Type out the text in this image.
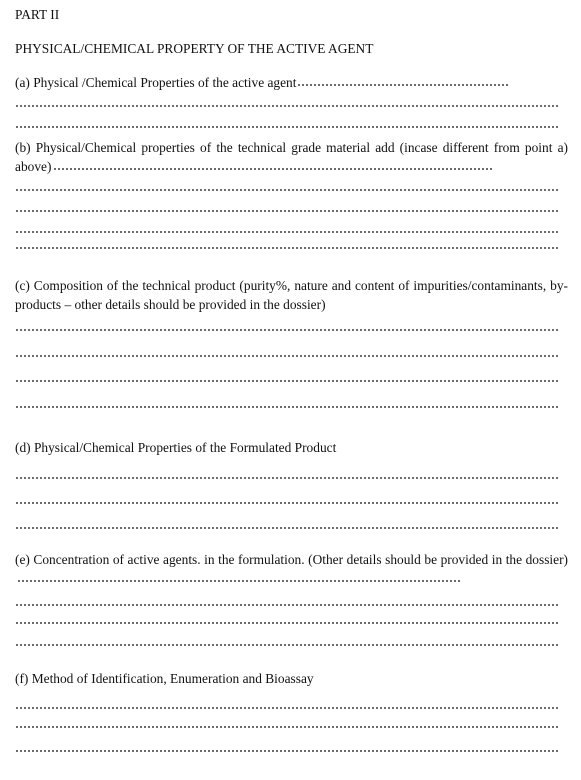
PART II
PHYSICAL/CHEMICAL PROPERTY OF THE ACTIVE AGENT
(a) Physical /Chemical Properties of the active agent
(b) Physical/Chemical properties of the technical grade material add (incase different from point a) above)
(c) Composition of the technical product (purity%, nature and content of impurities/contaminants, by-products – other details should be provided in the dossier)
(d) Physical/Chemical Properties of the Formulated Product
(e) Concentration of active agents. in the formulation. (Other details should be provided in the dossier)
(f) Method of Identification, Enumeration and Bioassay
